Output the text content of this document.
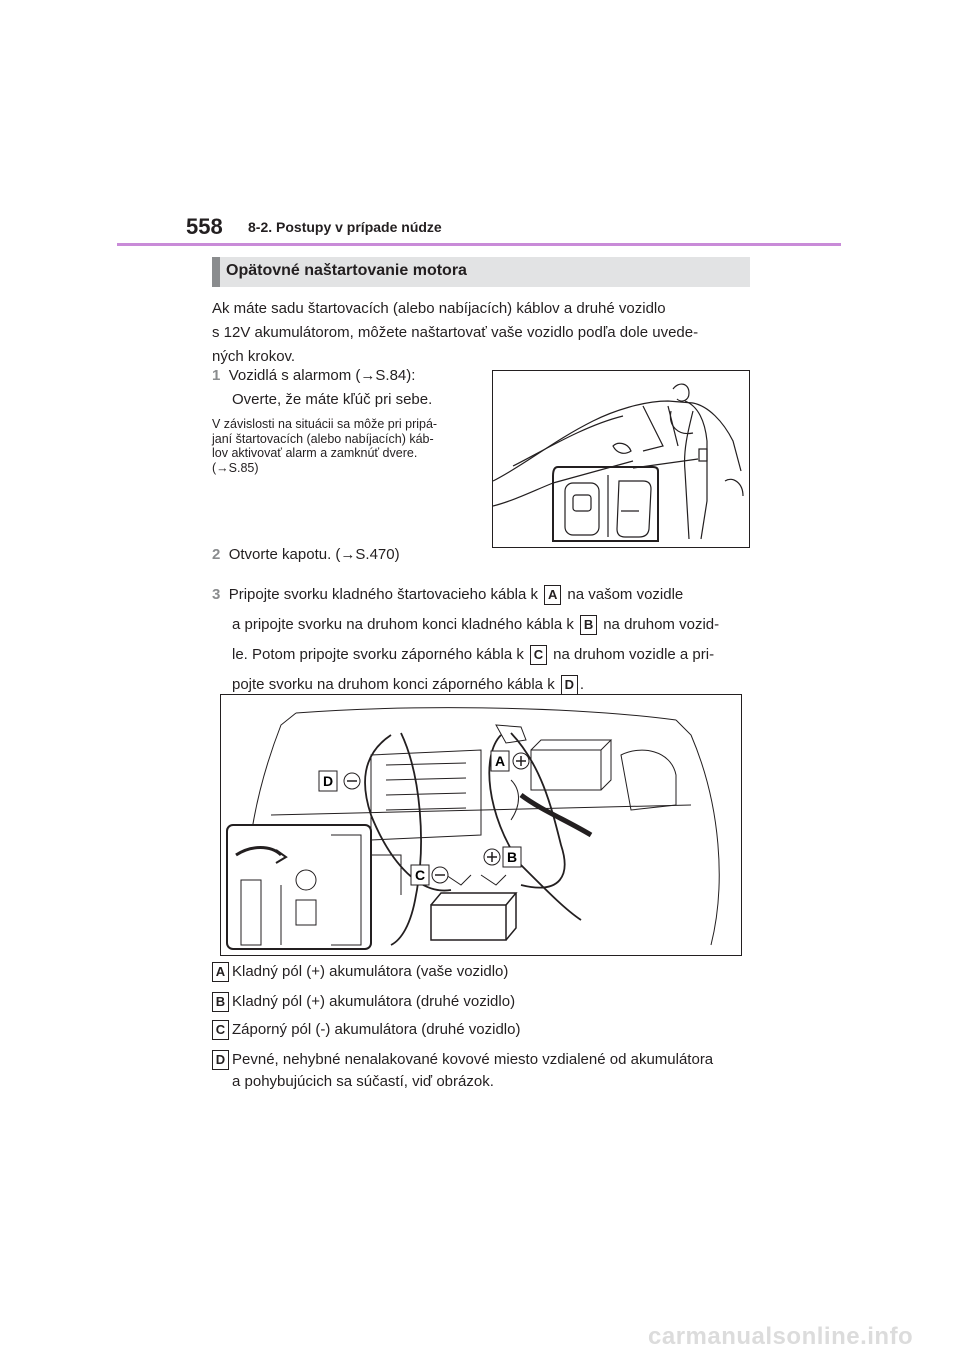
558 8-2. Postupy v prípade núdze
Opätovné naštartovanie motora
Ak máte sadu štartovacích (alebo nabíjacích) káblov a druhé vozidlo
s 12V akumulátorom, môžete naštartovať vaše vozidlo podľa dole uvede-
ných krokov.
1 Vozidlá s alarmom (→S.84):
Overte, že máte kľúč pri sebe.
V závislosti na situácii sa môže pri pripá-
janí štartovacích (alebo nabíjacích) káb-
lov aktivovať alarm a zamknúť dvere.
(→S.85)
2 Otvorte kapotu. (→S.470)
3 Pripojte svorku kladného štartovacieho kábla k A na vašom vozidle
a pripojte svorku na druhom konci kladného kábla k B na druhom vozid-
le. Potom pripojte svorku záporného kábla k C na druhom vozidle a pri-
pojte svorku na druhom konci záporného kábla k D .
D
A
B
C
A Kladný pól (+) akumulátora (vaše vozidlo)
B Kladný pól (+) akumulátora (druhé vozidlo)
C Záporný pól (-) akumulátora (druhé vozidlo)
D Pevné, nehybné nenalakované kovové miesto vzdialené od akumulátora
a pohybujúcich sa súčastí, viď obrázok.
carmanualsonline.info
